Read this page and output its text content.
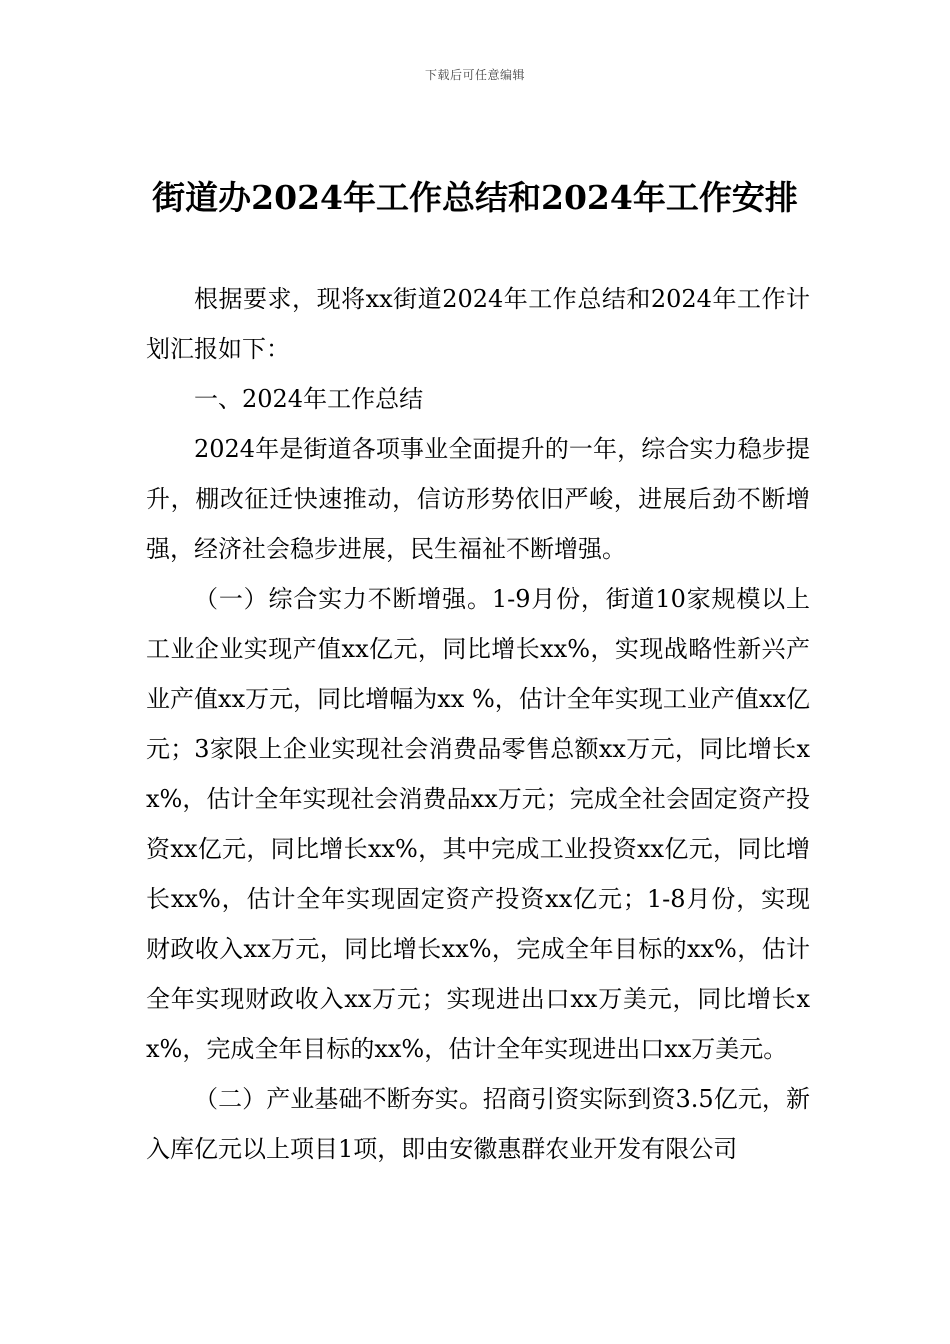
下载后可任意编辑
街道办2024年工作总结和2024年工作安排

根据要求，现将xx街道2024年工作总结和2024年工作计划汇报如下：

一、2024年工作总结

2024年是街道各项事业全面提升的一年，综合实力稳步提升，棚改征迁快速推动，信访形势依旧严峻，进展后劲不断增强，经济社会稳步进展，民生福祉不断增强。

（一）综合实力不断增强。1-9月份，街道10家规模以上工业企业实现产值xx亿元，同比增长xx%，实现战略性新兴产业产值xx万元，同比增幅为xx %，估计全年实现工业产值xx亿元；3家限上企业实现社会消费品零售总额xx万元，同比增长xx%，估计全年实现社会消费品xx万元；完成全社会固定资产投资xx亿元，同比增长xx%，其中完成工业投资xx亿元，同比增长xx%，估计全年实现固定资产投资xx亿元；1-8月份，实现财政收入xx万元，同比增长xx%，完成全年目标的xx%，估计全年实现财政收入xx万元；实现进出口xx万美元，同比增长xx%，完成全年目标的xx%，估计全年实现进出口xx万美元。

（二）产业基础不断夯实。招商引资实际到资3.5亿元，新入库亿元以上项目1项，即由安徽惠群农业开发有限公司
